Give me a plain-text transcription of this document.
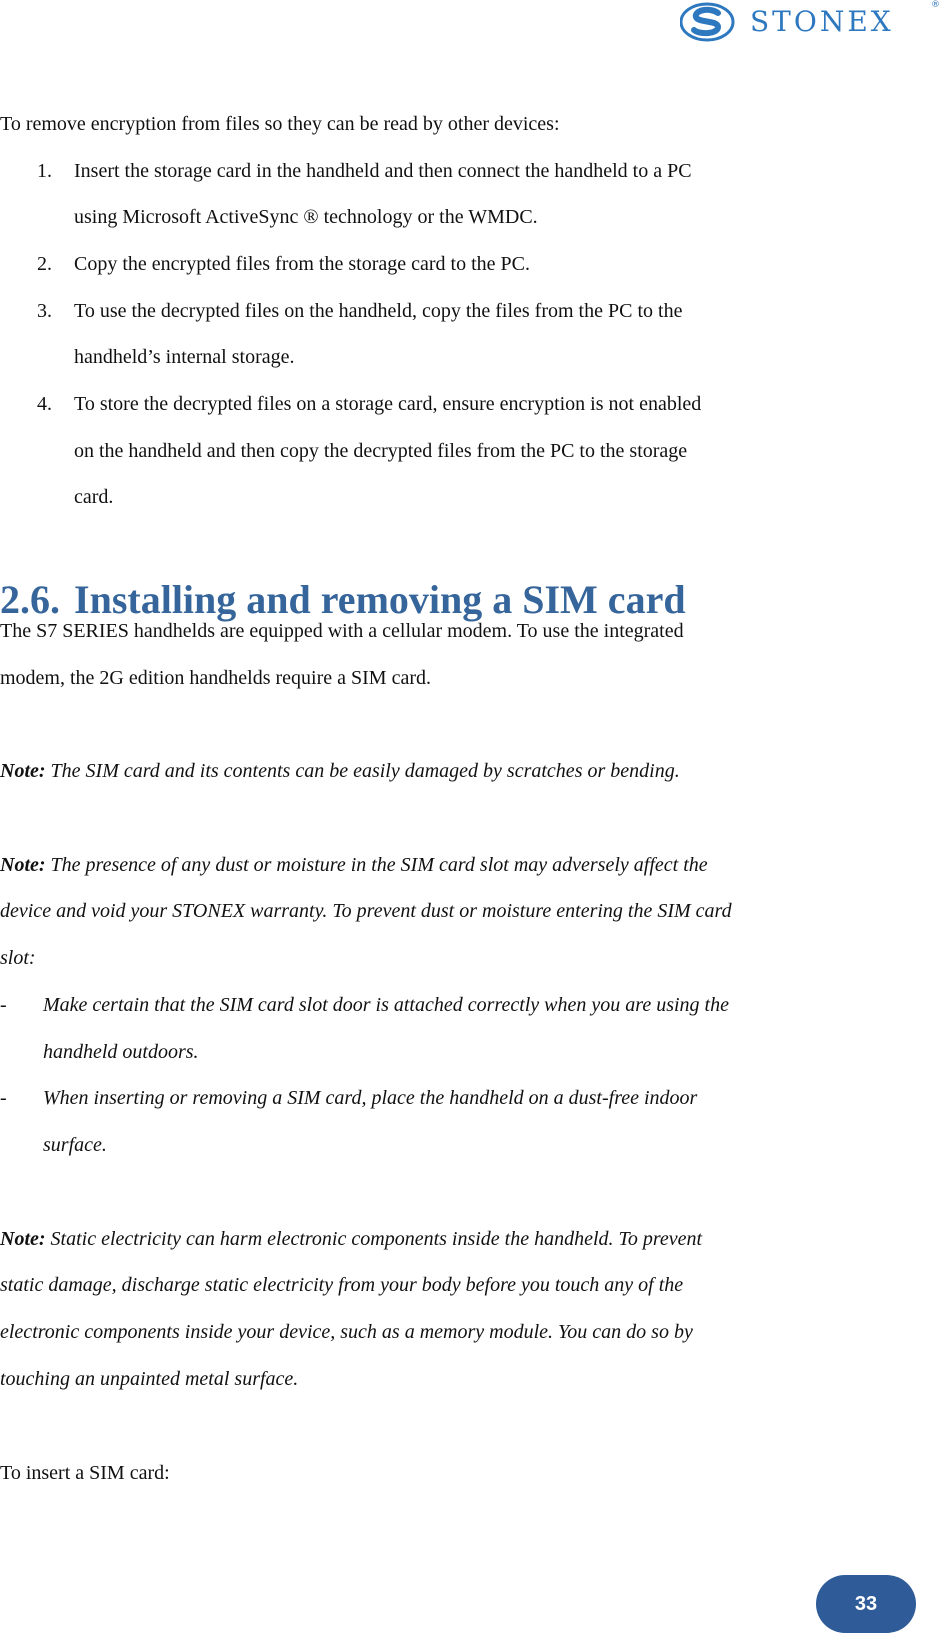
STONEX	®
To remove encryption from files so they can be read by other devices:
1. Insert the storage card in the handheld and then connect the handheld to a PC
using Microsoft ActiveSync ® technology or the WMDC.
2. Copy the encrypted files from the storage card to the PC.
3. To use the decrypted files on the handheld, copy the files from the PC to the
handheld’s internal storage.
4. To store the decrypted files on a storage card, ensure encryption is not enabled
on the handheld and then copy the decrypted files from the PC to the storage
card.
2.6. Installing and removing a SIM card
The S7 SERIES handhelds are equipped with a cellular modem. To use the integrated
modem, the 2G edition handhelds require a SIM card.
Note: The SIM card and its contents can be easily damaged by scratches or bending.
Note: The presence of any dust or moisture in the SIM card slot may adversely affect the
device and void your STONEX warranty. To prevent dust or moisture entering the SIM card
slot:
- Make certain that the SIM card slot door is attached correctly when you are using the
handheld outdoors.
- When inserting or removing a SIM card, place the handheld on a dust-free indoor
surface.
Note: Static electricity can harm electronic components inside the handheld. To prevent
static damage, discharge static electricity from your body before you touch any of the
electronic components inside your device, such as a memory module. You can do so by
touching an unpainted metal surface.
To insert a SIM card:
33
